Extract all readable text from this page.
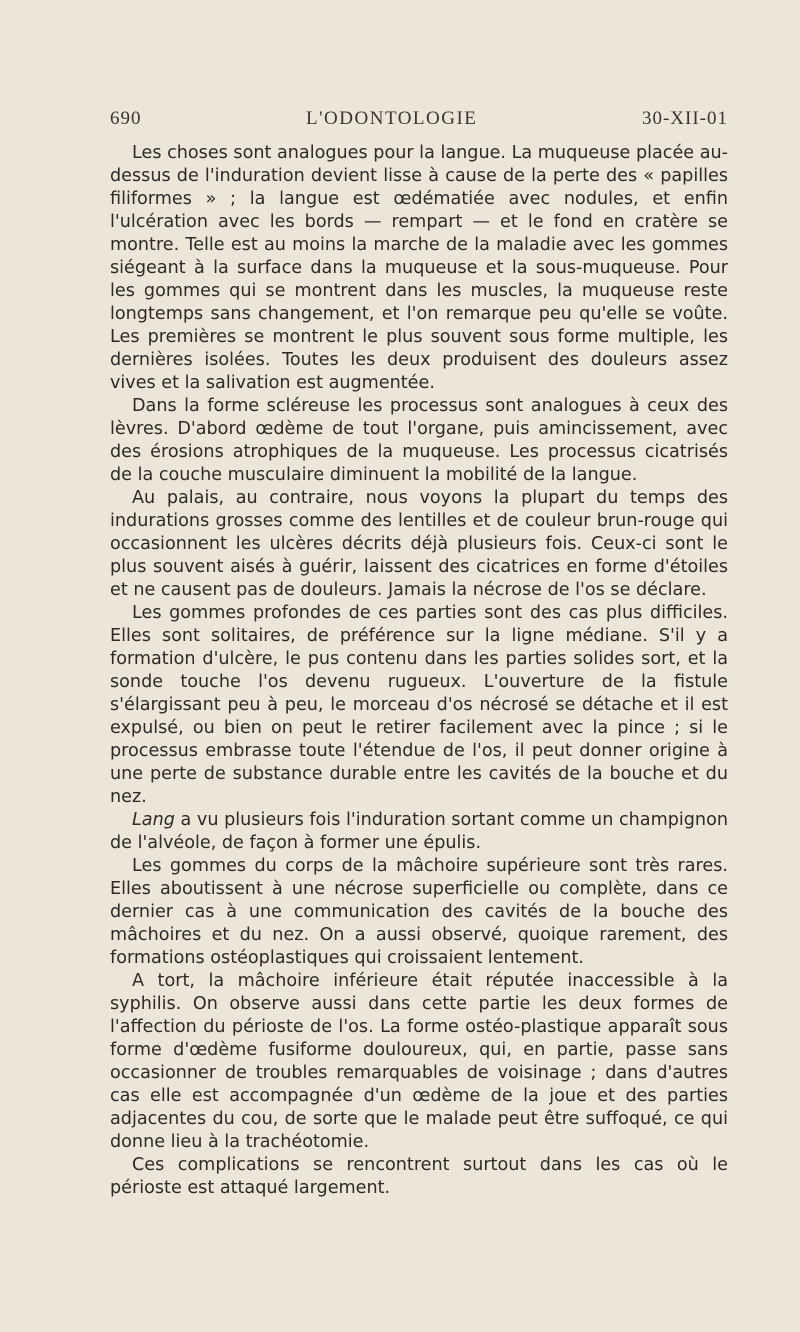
690	L'ODONTOLOGIE	30-XII-01

Les choses sont analogues pour la langue. La muqueuse placée au-dessus de l'induration devient lisse à cause de la perte des « papilles filiformes » ; la langue est œdématiée avec nodules, et enfin l'ulcération avec les bords — rempart — et le fond en cratère se montre. Telle est au moins la marche de la maladie avec les gommes siégeant à la surface dans la muqueuse et la sous-muqueuse. Pour les gommes qui se montrent dans les muscles, la muqueuse reste longtemps sans changement, et l'on remarque peu qu'elle se voûte. Les premières se montrent le plus souvent sous forme multiple, les dernières isolées. Toutes les deux produisent des douleurs assez vives et la salivation est augmentée.

Dans la forme scléreuse les processus sont analogues à ceux des lèvres. D'abord œdème de tout l'organe, puis amincissement, avec des érosions atrophiques de la muqueuse. Les processus cicatrisés de la couche musculaire diminuent la mobilité de la langue.

Au palais, au contraire, nous voyons la plupart du temps des indurations grosses comme des lentilles et de couleur brun-rouge qui occasionnent les ulcères décrits déjà plusieurs fois. Ceux-ci sont le plus souvent aisés à guérir, laissent des cicatrices en forme d'étoiles et ne causent pas de douleurs. Jamais la nécrose de l'os se déclare.

Les gommes profondes de ces parties sont des cas plus difficiles. Elles sont solitaires, de préférence sur la ligne médiane. S'il y a formation d'ulcère, le pus contenu dans les parties solides sort, et la sonde touche l'os devenu rugueux. L'ouverture de la fistule s'élargissant peu à peu, le morceau d'os nécrosé se détache et il est expulsé, ou bien on peut le retirer facilement avec la pince ; si le processus embrasse toute l'étendue de l'os, il peut donner origine à une perte de substance durable entre les cavités de la bouche et du nez.

Lang a vu plusieurs fois l'induration sortant comme un champignon de l'alvéole, de façon à former une épulis.

Les gommes du corps de la mâchoire supérieure sont très rares. Elles aboutissent à une nécrose superficielle ou complète, dans ce dernier cas à une communication des cavités de la bouche des mâchoires et du nez. On a aussi observé, quoique rarement, des formations ostéoplastiques qui croissaient lentement.

A tort, la mâchoire inférieure était réputée inaccessible à la syphilis. On observe aussi dans cette partie les deux formes de l'affection du périoste de l'os. La forme ostéo-plastique apparaît sous forme d'œdème fusiforme douloureux, qui, en partie, passe sans occasionner de troubles remarquables de voisinage ; dans d'autres cas elle est accompagnée d'un œdème de la joue et des parties adjacentes du cou, de sorte que le malade peut être suffoqué, ce qui donne lieu à la trachéotomie.

Ces complications se rencontrent surtout dans les cas où le périoste est attaqué largement.
